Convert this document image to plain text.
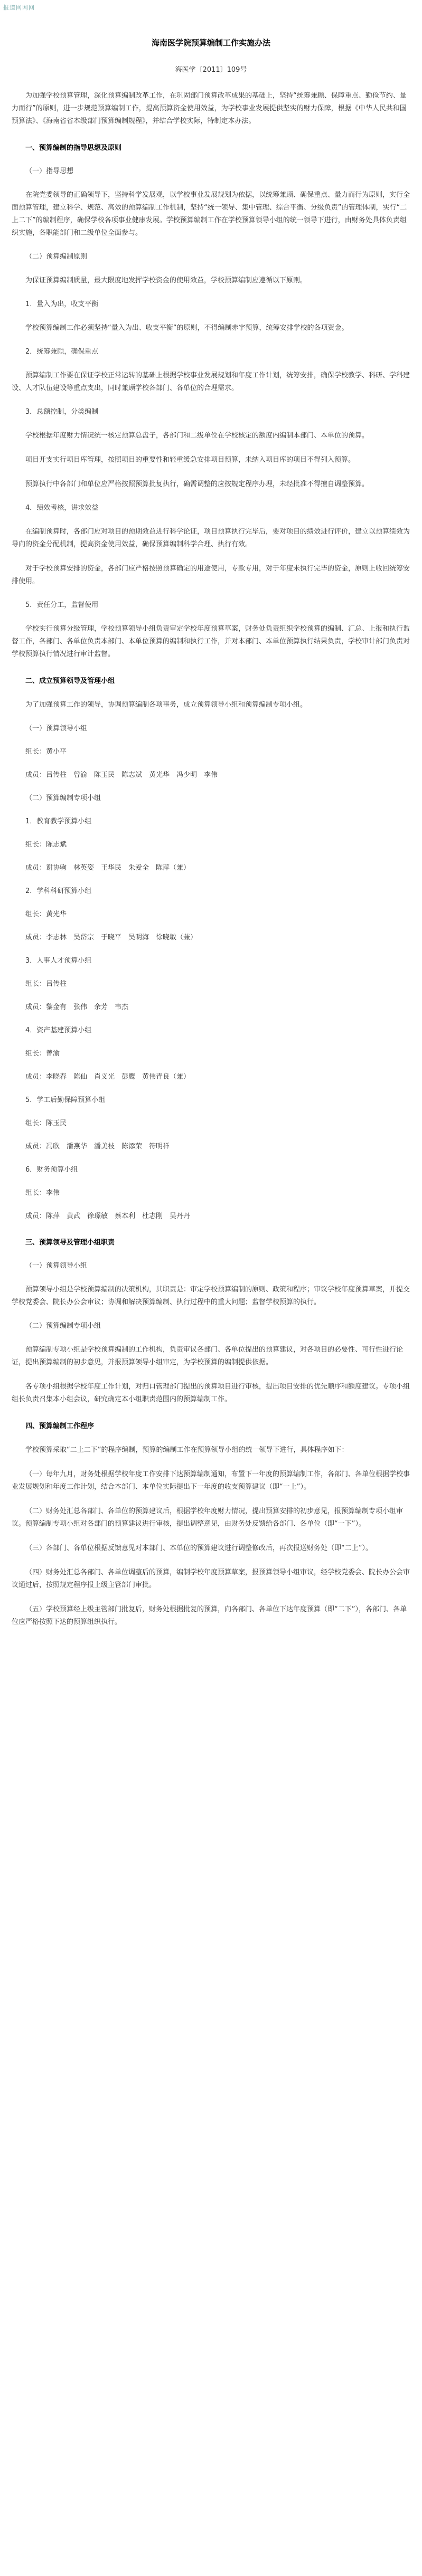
报道网网网
海南医学院预算编制工作实施办法
海医学〔2011〕109号

为加强学校预算管理，深化预算编制改革工作，在巩固部门预算改革成果的基础上，坚持“统筹兼顾、保障重点、勤俭节约、量力而行”的原则，进一步规范预算编制工作，提高预算资金使用效益，为学校事业发展提供坚实的财力保障，根据《中华人民共和国预算法》、《海南省省本级部门预算编制规程》，并结合学校实际，特制定本办法。

一、预算编制的指导思想及原则
（一）指导思想

在院党委领导的正确领导下，坚持科学发展观，以学校事业发展规划为依据，以统筹兼顾、确保重点、量力而行为原则，实行全面预算管理，建立科学、规范、高效的预算编制工作机制，坚持“统一领导、集中管理、综合平衡、分级负责”的管理体制，实行“二上二下”的编制程序，确保学校各项事业健康发展。学校预算编制工作在学校预算领导小组的统一领导下进行，由财务处具体负责组织实施，各职能部门和二级单位全面参与。

（二）预算编制原则

为保证预算编制质量，最大限度地发挥学校资金的使用效益，学校预算编制应遵循以下原则。

1．量入为出，收支平衡

学校预算编制工作必须坚持“量入为出、收支平衡”的原则，不得编制赤字预算，统筹安排学校的各项资金。

2．统筹兼顾，确保重点

预算编制工作要在保证学校正常运转的基础上根据学校事业发展规划和年度工作计划，统筹安排，确保学校教学、科研、学科建设、人才队伍建设等重点支出，同时兼顾学校各部门、各单位的合理需求。

3．总额控制，分类编制

学校根据年度财力情况统一核定预算总盘子，各部门和二级单位在学校核定的额度内编制本部门、本单位的预算。

项目开支实行项目库管理，按照项目的重要性和轻重缓急安排项目预算，未纳入项目库的项目不得列入预算。

预算执行中各部门和单位应严格按照预算批复执行，确需调整的应按规定程序办理，未经批准不得擅自调整预算。

4．绩效考核，讲求效益

在编制预算时，各部门应对项目的预期效益进行科学论证，项目预算执行完毕后，要对项目的绩效进行评价，建立以预算绩效为导向的资金分配机制，提高资金使用效益，确保预算编制科学合理、执行有效。

对于学校预算安排的资金，各部门应严格按照预算确定的用途使用，专款专用，对于年度未执行完毕的资金，原则上收回统筹安排使用。

5．责任分工，监督使用

学校实行预算分级管理，学校预算领导小组负责审定学校年度预算草案，财务处负责组织学校预算的编制、汇总、上报和执行监督工作，各部门、各单位负责本部门、本单位预算的编制和执行工作，并对本部门、本单位预算执行结果负责，学校审计部门负责对学校预算执行情况进行审计监督。

二、成立预算领导及管理小组

为了加强预算工作的领导，协调预算编制各项事务，成立预算领导小组和预算编制专项小组。

（一）预算领导小组
组长：黄小平
成员：吕传柱　曾渝　陈玉民　陈志斌　黄光华　冯少明　李伟
（二）预算编制专项小组
1．教育教学预算小组
组长：陈志斌
成员：谢协驹　林英姿　王华民　朱爱全　陈萍（兼）
2．学科科研预算小组
组长：黄光华
成员：李志林　吴岱宗　于晓平　吴明海　徐晓敏（兼）
3．人事人才预算小组
组长：吕传柱
成员：黎金有　张伟　余芳　韦杰
4．资产基建预算小组
组长：曾渝
成员：李晓春　陈仙　肖义光　彭鹰　黄伟青良（兼）
5．学工后勤保障预算小组
组长：陈玉民
成员：冯欣　潘燕华　潘美枝　陈添荣　符明祥
6．财务预算小组
组长：李伟
成员：陈萍　黄武　徐璟敏　蔡本利　杜志刚　吴丹丹
三、预算领导及管理小组职责
（一）预算领导小组

预算领导小组是学校预算编制的决策机构，其职责是：审定学校预算编制的原则、政策和程序；审议学校年度预算草案，并提交学校党委会、院长办公会审议；协调和解决预算编制、执行过程中的重大问题；监督学校预算的执行。

（二）预算编制专项小组

预算编制专项小组是学校预算编制的工作机构，负责审议各部门、各单位提出的预算建议，对各项目的必要性、可行性进行论证，提出预算编制的初步意见，并报预算领导小组审定，为学校预算的编制提供依据。

各专项小组根据学校年度工作计划，对归口管理部门提出的预算项目进行审核，提出项目安排的优先顺序和额度建议。专项小组组长负责召集本小组会议，研究确定本小组职责范围内的预算编制工作。

四、预算编制工作程序

学校预算采取“二上二下”的程序编制，预算的编制工作在预算领导小组的统一领导下进行，具体程序如下：

（一）每年九月，财务处根据学校年度工作安排下达预算编制通知，布置下一年度的预算编制工作，各部门、各单位根据学校事业发展规划和年度工作计划，结合本部门、本单位实际提出下一年度的收支预算建议（即“一上”）。

（二）财务处汇总各部门、各单位的预算建议后，根据学校年度财力情况，提出预算安排的初步意见，报预算编制专项小组审议。预算编制专项小组对各部门的预算建议进行审核，提出调整意见，由财务处反馈给各部门、各单位（即“一下”）。

（三）各部门、各单位根据反馈意见对本部门、本单位的预算建议进行调整修改后，再次报送财务处（即“二上”）。

（四）财务处汇总各部门、各单位调整后的预算，编制学校年度预算草案，报预算领导小组审议，经学校党委会、院长办公会审议通过后，按照规定程序报上级主管部门审批。

（五）学校预算经上级主管部门批复后，财务处根据批复的预算，向各部门、各单位下达年度预算（即“二下”），各部门、各单位应严格按照下达的预算组织执行。
